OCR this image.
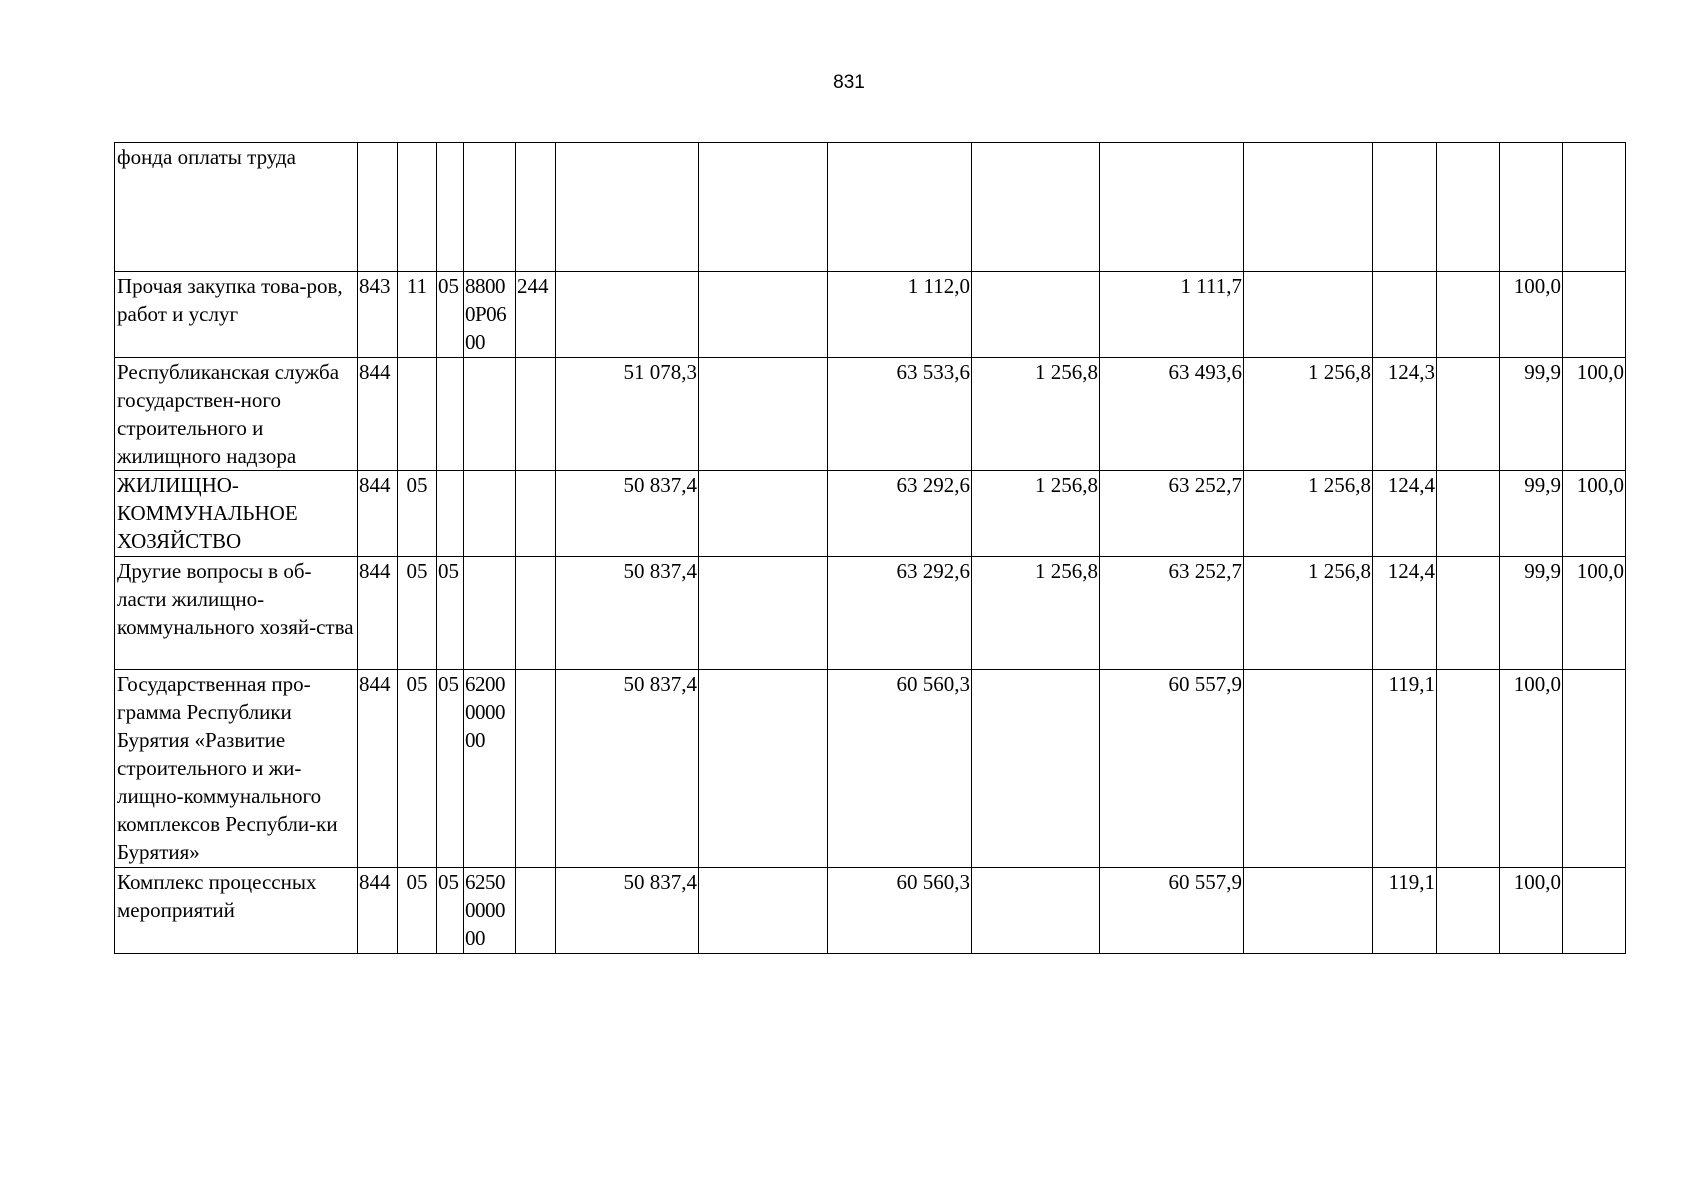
831
фонда оплаты труда															
Прочая закупка това-ров, работ и услуг	843	11	05	88000P0600	244			1 112,0		1 111,7				100,0	
Республиканская служба государствен-ного строительного и жилищного надзора	844					51 078,3		63 533,6	1 256,8	63 493,6	1 256,8	124,3		99,9	100,0
ЖИЛИЩНО-КОММУНАЛЬНОЕ ХОЗЯЙСТВО	844	05				50 837,4		63 292,6	1 256,8	63 252,7	1 256,8	124,4		99,9	100,0
Другие вопросы в об-ласти жилищно-коммунального хозяй-ства	844	05	05			50 837,4		63 292,6	1 256,8	63 252,7	1 256,8	124,4		99,9	100,0
Государственная про-грамма Республики Бурятия «Развитие строительного и жи-лищно-коммунального комплексов Республи-ки Бурятия»	844	05	05	6200000000		50 837,4		60 560,3		60 557,9		119,1		100,0	
Комплекс процессных мероприятий	844	05	05	6250000000		50 837,4		60 560,3		60 557,9		119,1		100,0	
